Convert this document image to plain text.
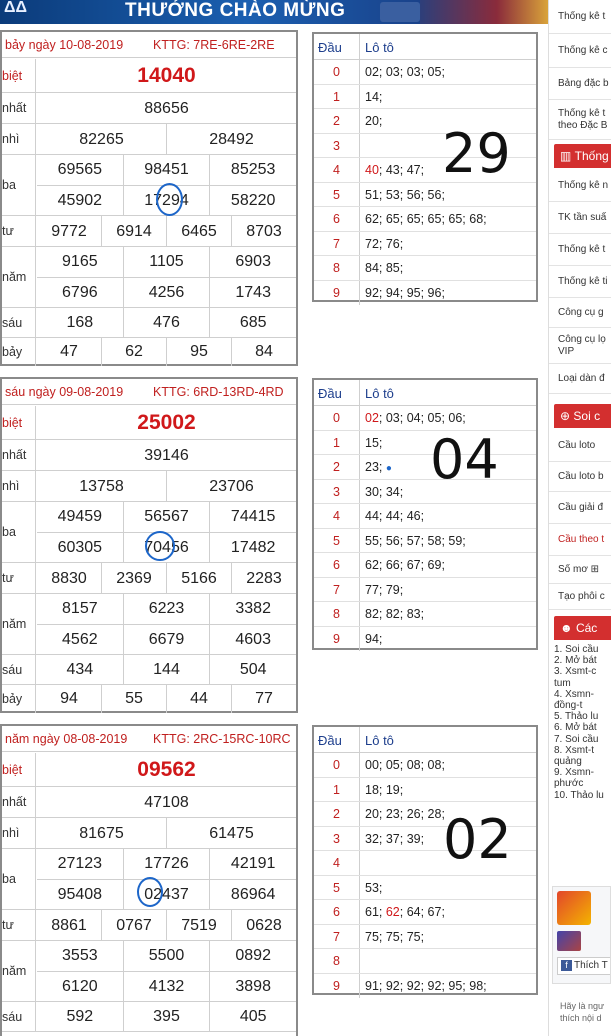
ΔΔ	THƯỞNG CHÀO MỪNG
bảy ngày 10-08-2019 KTTG: 7RE-6RE-2RE
biệt	14040
nhất	88656
nhì	82265	28492
ba
69565	98451	85253
45902	17294	58220
tư	9772	6914	6465	8703
năm
9165	1105	6903
6796	4256	1743
sáu	168	476	685
bảy	47	62	95	84
Đầu	Lô tô
0	02; 03; 03; 05;
1	14;
2	20;
3
4	40; 43; 47;
5	51; 53; 56; 56;
6	62; 65; 65; 65; 65; 68;
7	72; 76;
8	84; 85;
9	92; 94; 95; 96;
29
sáu ngày 09-08-2019 KTTG: 6RD-13RD-4RD
biệt	25002
nhất	39146
nhì	13758	23706
ba
49459	56567	74415
60305	70456	17482
tư	8830	2369	5166	2283
năm
8157	6223	3382
4562	6679	4603
sáu	434	144	504
bảy	94	55	44	77
Đầu	Lô tô
0	02; 03; 04; 05; 06;
1	15;
2	23; ●
3	30; 34;
4	44; 44; 46;
5	55; 56; 57; 58; 59;
6	62; 66; 67; 69;
7	77; 79;
8	82; 82; 83;
9	94;
04
năm ngày 08-08-2019 KTTG: 2RC-15RC-10RC
biệt	09562
nhất	47108
nhì	81675	61475
ba
27123	17726	42191
95408	02437	86964
tư	8861	0767	7519	0628
năm
3553	5500	0892
6120	4132	3898
sáu	592	395	405
Đầu	Lô tô
0	00; 05; 08; 08;
1	18; 19;
2	20; 23; 26; 28;
3	32; 37; 39;
4
5	53;
6	61; 62; 64; 67;
7	75; 75; 75;
8
9	91; 92; 92; 92; 95; 98;
02
Thống kê t
Thống kê c
Bảng đặc b
Thống kê t theo Đặc B
▥ Thống
Thống kê n
TK tần suấ
Thống kê t
Thống kê ti
Công cụ g
Công cụ lọ VIP
Loại dàn đ
⊕ Soi c
Cầu loto
Cầu loto b
Cầu giải đ
Cầu theo t
Số mơ ⊞
Tạo phôi c
☻ Các
1. Soi cầu
2. Mở bát
3. Xsmt-c
tum
4. Xsmn-
đồng-t
5. Thảo lu
6. Mở bát
7. Soi cầu
8. Xsmt-t
quảng
9. Xsmn-
phước
10. Thảo lu
f Thích T
Hãy là ngư
thích nội d
